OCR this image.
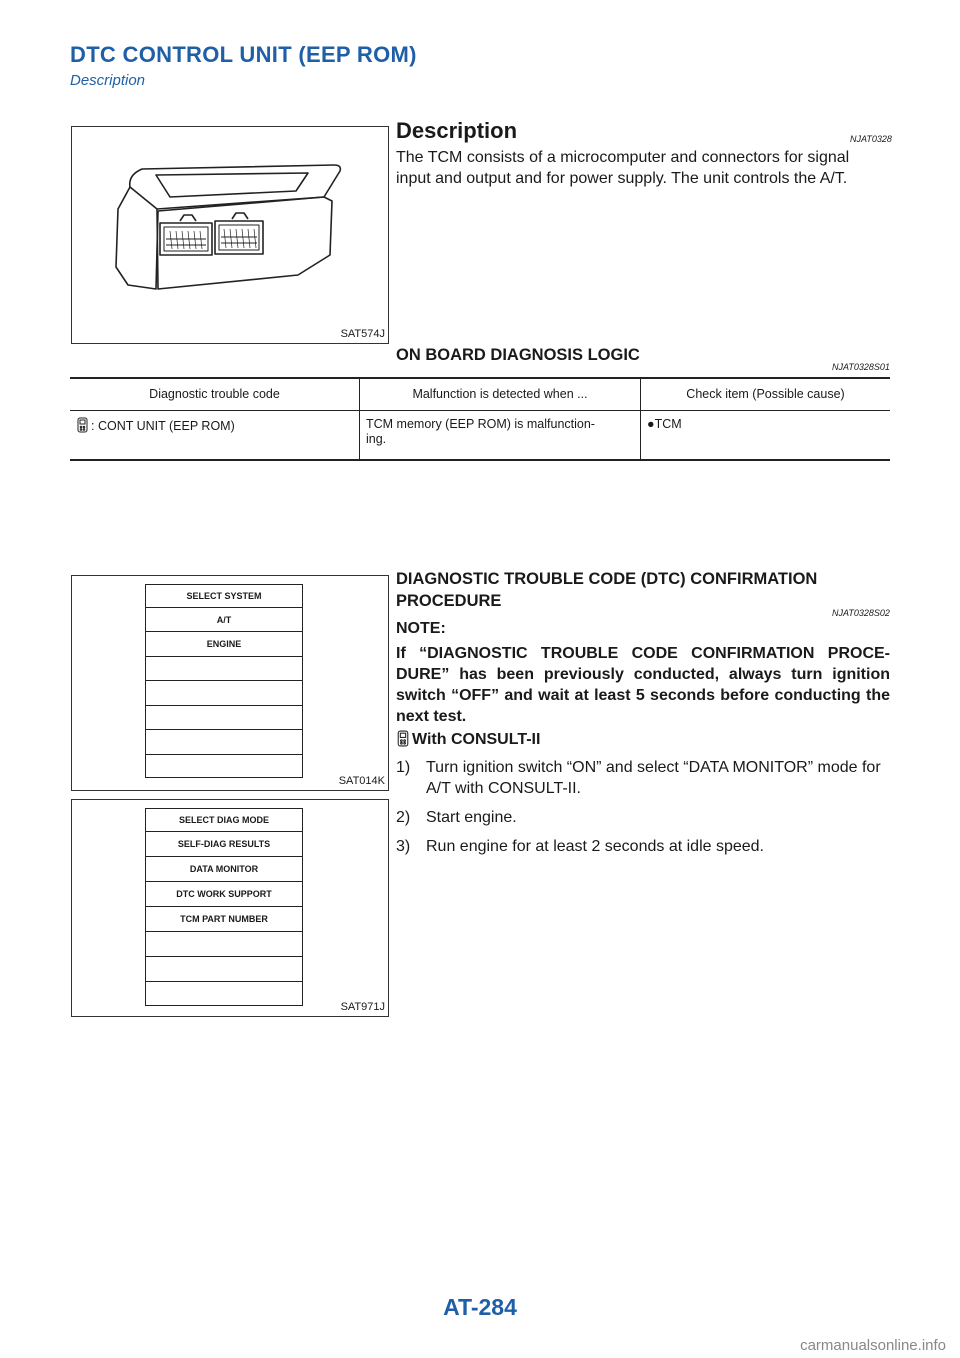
DTC CONTROL UNIT (EEP ROM)
Description
SAT574J
Description	NJAT0328
The TCM consists of a microcomputer and connectors for signal
input and output and for power supply. The unit controls the A/T.
ON BOARD DIAGNOSIS LOGIC
NJAT0328S01
Diagnostic trouble code	Malfunction is detected when ...	Check item (Possible cause)
: CONT UNIT (EEP ROM)	TCM memory (EEP ROM) is malfunction-
ing.	●TCM
SELECT SYSTEM
A/T
ENGINE
SAT014K
SELECT DIAG MODE
SELF-DIAG RESULTS
DATA MONITOR
DTC WORK SUPPORT
TCM PART NUMBER
SAT971J
DIAGNOSTIC TROUBLE CODE (DTC) CONFIRMATION
PROCEDURE
NJAT0328S02
NOTE:
If “DIAGNOSTIC TROUBLE CODE CONFIRMATION PROCE- DURE” has been previously conducted, always turn ignition switch “OFF” and wait at least 5 seconds before conducting the next test.
With CONSULT-II
1) Turn ignition switch “ON” and select “DATA MONITOR” mode for A/T with CONSULT-II.
2) Start engine.
3) Run engine for at least 2 seconds at idle speed.
AT-284
carmanualsonline.info
